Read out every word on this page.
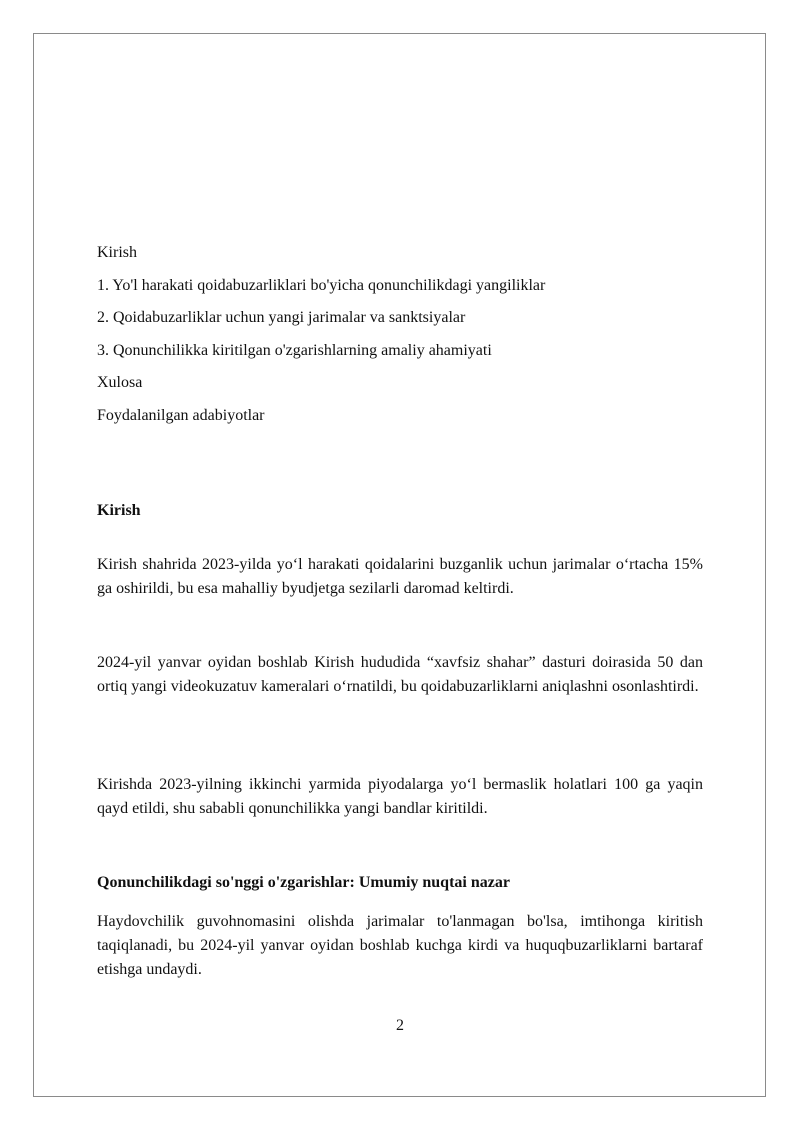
Kirish
1. Yo'l harakati qoidabuzarliklari bo'yicha qonunchilikdagi yangiliklar
2. Qoidabuzarliklar uchun yangi jarimalar va sanktsiyalar
3. Qonunchilikka kiritilgan o'zgarishlarning amaliy ahamiyati
Xulosa
Foydalanilgan adabiyotlar
Kirish
Kirish shahrida 2023-yilda yo‘l harakati qoidalarini buzganlik uchun jarimalar o‘rtacha 15% ga oshirildi, bu esa mahalliy byudjetga sezilarli daromad keltirdi.
2024-yil yanvar oyidan boshlab Kirish hududida “xavfsiz shahar” dasturi doirasida 50 dan ortiq yangi videokuzatuv kameralari o‘rnatildi, bu qoidabuzarliklarni aniqlashni osonlashtirdi.
Kirishda 2023-yilning ikkinchi yarmida piyodalarga yo‘l bermaslik holatlari 100 ga yaqin qayd etildi, shu sababli qonunchilikka yangi bandlar kiritildi.
Qonunchilikdagi so'nggi o'zgarishlar: Umumiy nuqtai nazar
Haydovchilik guvohnomasini olishda jarimalar to'lanmagan bo'lsa, imtihonga kiritish taqiqlanadi, bu 2024-yil yanvar oyidan boshlab kuchga kirdi va huquqbuzarliklarni bartaraf etishga undaydi.
2
